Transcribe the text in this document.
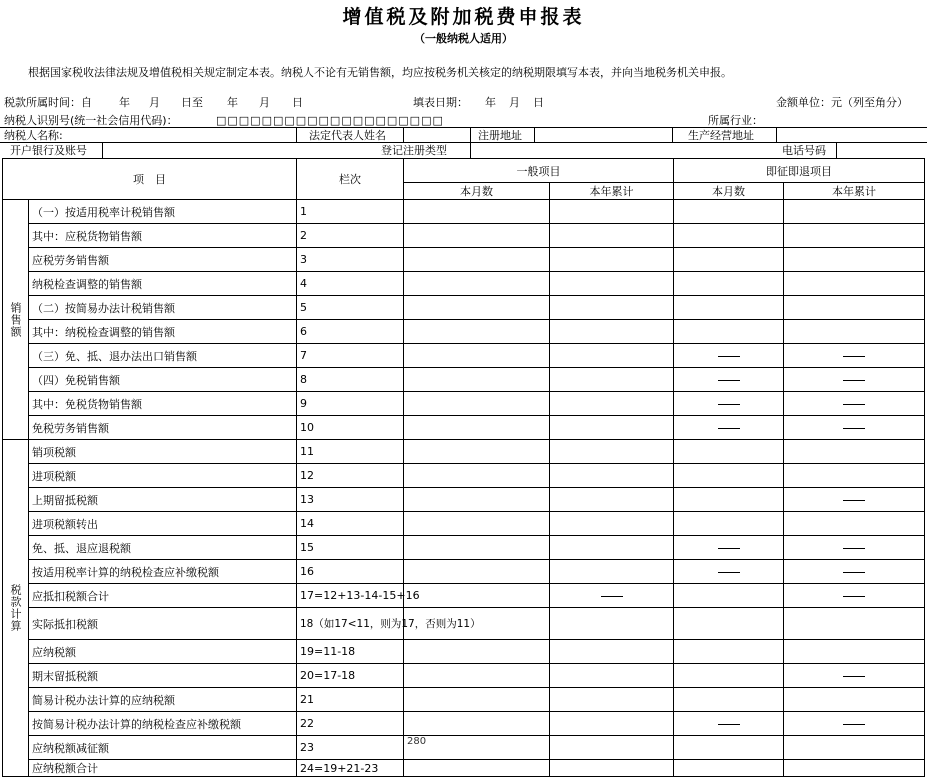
增值税及附加税费申报表
（一般纳税人适用）
根据国家税收法律法规及增值税相关规定制定本表。纳税人不论有无销售额，均应按税务机关核定的纳税期限填写本表，并向当地税务机关申报。
税款所属时间：自 年 月 日至 年 月 日	填表日期： 年 月 日	金额单位：元（列至角分）
纳税人识别号(统一社会信用代码)：	□□□□□□□□□□□□□□□□□□□□	所属行业：
纳税人名称:	法定代表人姓名	注册地址	生产经营地址
开户银行及账号	登记注册类型	电话号码
项　目		栏次	一般项目		即征即退项目	
			本月数	本年累计	本月数	本年累计
销售额	（一）按适用税率计税销售额	1				
	其中：应税货物销售额	2				
	应税劳务销售额	3				
	纳税检查调整的销售额	4				
	（二）按简易办法计税销售额	5				
	其中：纳税检查调整的销售额	6				
	（三）免、抵、退办法出口销售额	7				
	（四）免税销售额	8				
	其中：免税货物销售额	9				
	免税劳务销售额	10				
税款计算	销项税额	11				
	进项税额	12				
	上期留抵税额	13				
	进项税额转出	14				
	免、抵、退应退税额	15				
	按适用税率计算的纳税检查应补缴税额	16				
	应抵扣税额合计	17=12+13-14-15+16				
	实际抵扣税额	18（如17<11，则为17，否则为11）				
	应纳税额	19=11-18				
	期末留抵税额	20=17-18				
	简易计税办法计算的应纳税额	21				
	按简易计税办法计算的纳税检查应补缴税额	22				
	应纳税额减征额	23	280			
	应纳税额合计	24=19+21-23				
